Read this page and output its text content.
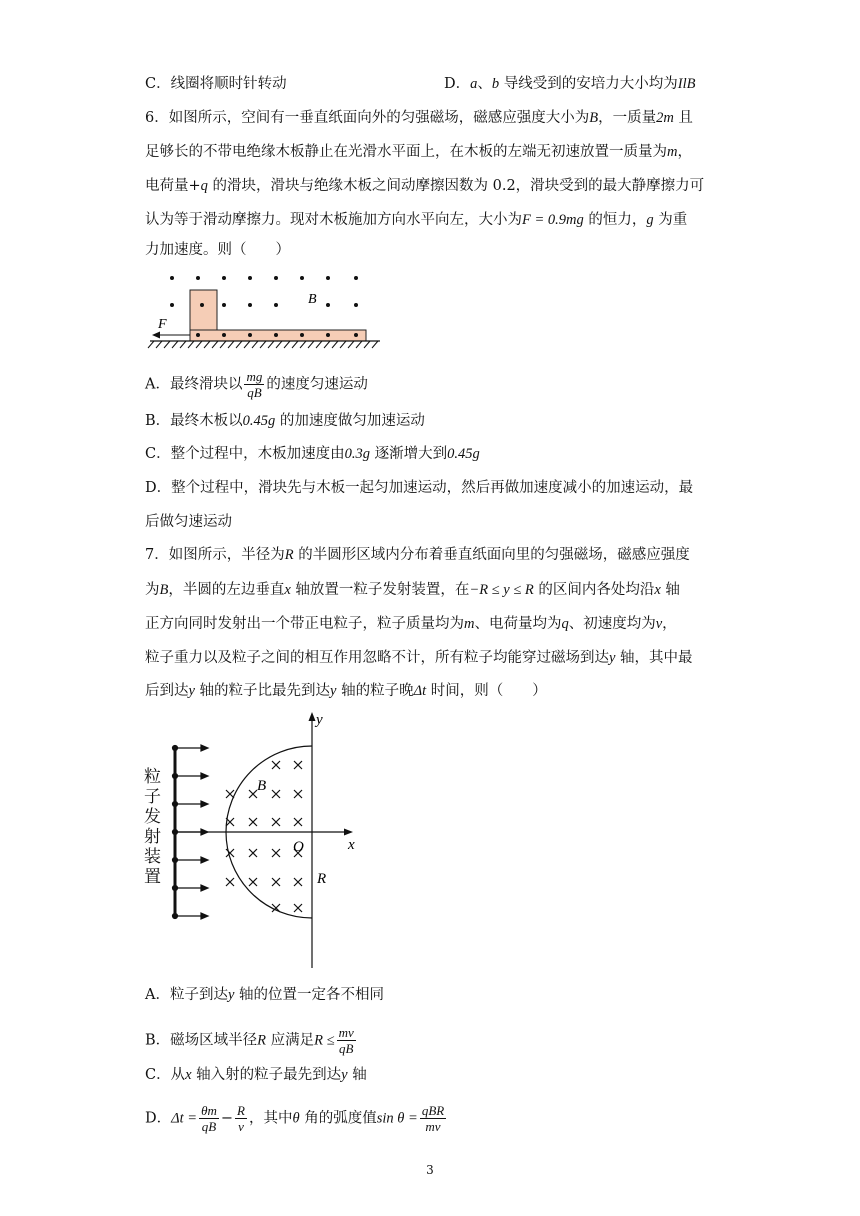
C．线圈将顺时针转动	D．a、b 导线受到的安培力大小均为IlB
6．如图所示，空间有一垂直纸面向外的匀强磁场，磁感应强度大小为B，一质量2m 且
足够长的不带电绝缘木板静止在光滑水平面上，在木板的左端无初速放置一质量为m，
电荷量+q 的滑块，滑块与绝缘木板之间动摩擦因数为 0.2，滑块受到的最大静摩擦力可
认为等于滑动摩擦力。现对木板施加方向水平向左，大小为F = 0.9mg 的恒力，g 为重
力加速度。则（　　）
F
B
A．最终滑块以 $\frac{mg}{qB}$ 的速度匀速运动
B．最终木板以0.45g 的加速度做匀加速运动
C．整个过程中，木板加速度由0.3g 逐渐增大到0.45g
D．整个过程中，滑块先与木板一起匀加速运动，然后再做加速度减小的加速运动，最
后做匀速运动
7．如图所示，半径为R 的半圆形区域内分布着垂直纸面向里的匀强磁场，磁感应强度
为B，半圆的左边垂直x 轴放置一粒子发射装置，在−R ≤ y ≤ R 的区间内各处均沿x 轴
正方向同时发射出一个带正电粒子，粒子质量均为m、电荷量均为q、初速度均为v，
粒子重力以及粒子之间的相互作用忽略不计，所有粒子均能穿过磁场到达y 轴，其中最
后到达y 轴的粒子比最先到达y 轴的粒子晚Δt 时间，则（　　）
粒
子
发
射
装
置
y
x
B
O
R
A．粒子到达y 轴的位置一定各不相同
B．磁场区域半径R 应满足$R \le \frac{mv}{qB}$
C．从x 轴入射的粒子最先到达y 轴
D．$\Delta t = \frac{\theta m}{qB} - \frac{R}{v}$ ，其中θ 角的弧度值$\sin \theta = \frac{\text{qBR}}{mv}$
3
